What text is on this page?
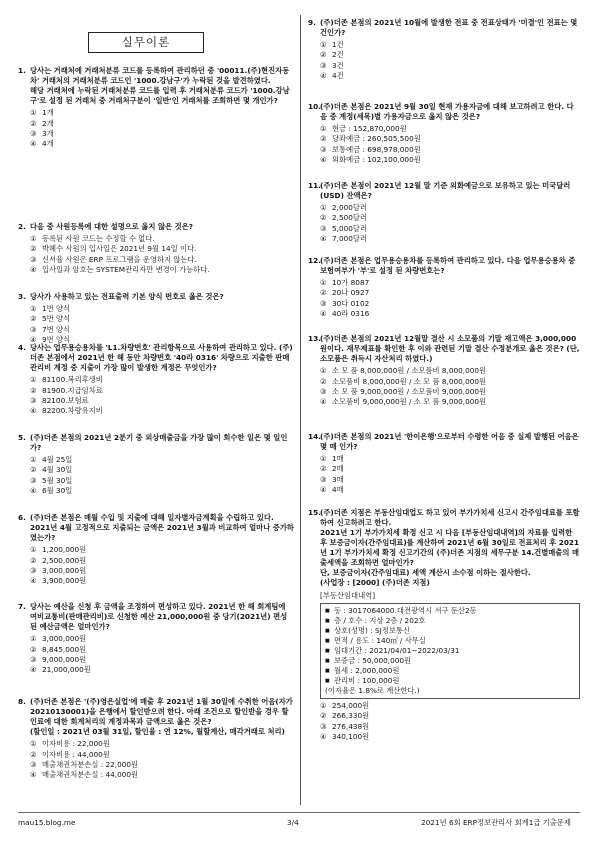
실무이론
1. 당사는 거래처에 거래처분류 코드를 등록하여 관리하던 중 '00011.(주)현진자동차' 거래처의 거래처분류 코드인 '1000.강남구'가 누락된 것을 발견하였다.

해당 거래처에 누락된 거래처분류 코드를 입력 후 거래처분류 코드가 '1000.강남구'로 설정 된 거래처 중 거래처구분이 '일반'인 거래처를 조회하면 몇 개인가?

① 1개
② 2개
③ 3개
④ 4개
2. 다음 중 사원등록에 대한 설명으로 옳지 않은 것은?

① 등록된 사원 코드는 수정할 수 없다.
② 박혜수 사원의 입사일은 2021년 9월 14일 이다.
③ 신서율 사원은 ERP 프로그램을 운영하지 않는다.
④ 입사일과 암호는 SYSTEM관리자만 변경이 가능하다.
3. 당사가 사용하고 있는 전표출력 기본 양식 번호로 옳은 것은?

① 1번 양식
② 5번 양식
③ 7번 양식
④ 9번 양식
4. 당사는 업무용승용차를 'L1.차량번호' 관리항목으로 사용하여 관리하고 있다. (주)더존 본점에서 2021년 한 해 동안 차량번호 '40라 0316' 차량으로 지출한 판매관리비 계정 중 지출이 가장 많이 발생한 계정은 무엇인가?

① 81100.복리후생비
② 81900.지급임차료
③ 82100.보험료
④ 82200.차량유지비
5. (주)더존 본점의 2021년 2분기 중 외상매출금을 가장 많이 회수한 일은 몇 일인가?

① 4월 25일
② 4월 30일
③ 5월 30일
④ 6월 30일
6. (주)더존 본점은 매월 수입 및 지출에 대해 일자별자금계획을 수립하고 있다. 2021년 4월 고정적으로 지출되는 금액은 2021년 3월과 비교하여 얼마나 증가하였는가?

① 1,200,000원
② 2,500,000원
③ 3,000,000원
④ 3,900,000원
7. 당사는 예산을 신청 후 금액을 조정하여 편성하고 있다. 2021년 한 해 회계팀에 여비교통비(판매관리비)로 신청한 예산 21,000,000원 중 당기(2021년) 편성된 예산금액은 얼마인가?

① 3,000,000원
② 8,845,000원
③ 9,000,000원
④ 21,000,000원
8. (주)더존 본점은 '(주)영은실업'에 매출 후 2021년 1월 30일에 수취한 어음(자가20210130001)을 은행에서 할인받으려 한다. 아래 조건으로 할인받을 경우 할인료에 대한 회계처리의 계정과목과 금액으로 옳은 것은?

(할인일 : 2021년 03월 31일, 할인율 : 연 12%, 월할계산, 매각거래로 처리)

① 이자비용 : 22,000원
② 이자비용 : 44,000원
③ 매출채권처분손실 : 22,000원
④ 매출채권처분손실 : 44,000원
9. (주)더존 본점의 2021년 10월에 발생한 전표 중 전표상태가 '미결'인 전표는 몇 건인가?

① 1건
② 2건
③ 3건
④ 4건
10. (주)더존 본점은 2021년 9월 30일 현재 가용자금에 대해 보고하려고 한다. 다음 중 계정(세목)별 가용자금으로 옳지 않은 것은?

① 현금 : 152,870,000원
② 당좌예금 : 260,505,500원
③ 보통예금 : 698,978,000원
④ 외화예금 : 102,100,000원
11. (주)더존 본점이 2021년 12월 말 기준 외화예금으로 보유하고 있는 미국달러(USD) 잔액은?

① 2,000달러
② 2,500달러
③ 5,000달러
④ 7,000달러
12. (주)더존 본점은 업무용승용차를 등록하여 관리하고 있다. 다음 업무용승용차 중 보험여부가 '부'로 설정 된 차량번호는?

① 10가 8087
② 20나 0927
③ 30다 0102
④ 40라 0316
13. (주)더존 본점의 2021년 12월말 결산 시 소모품의 기말 재고액은 3,000,000원이다. 재무제표를 확인한 후 이와 관련된 기말 결산 수정분개로 옳은 것은? (단, 소모품은 취득시 자산처리 하였다.)

① 소 모 품 8,000,000원 / 소모품비 8,000,000원
② 소모품비 8,000,000원 / 소 모 품 8,000,000원
③ 소 모 품 9,000,000원 / 소모품비 9,000,000원
④ 소모품비 9,000,000원 / 소 모 품 9,000,000원
14. (주)더존 본점의 2021년 '한이은행'으로부터 수령한 어음 중 실제 발행된 어음은 몇 매 인가?

① 1매
② 2매
③ 3매
④ 4매
15. (주)더존 지점은 부동산임대업도 하고 있어 부가가치세 신고시 간주임대료를 포함하여 신고하려고 한다.

2021년 1기 부가가치세 확정 신고 시 다음 [부동산임대내역]의 자료를 입력한 후 보증금이자(간주임대료)를 계산하여 2021년 6월 30일로 전표처리 후 2021년 1기 부가가치세 확정 신고기간의 (주)더존 지점의 세무구분 14.건별매출의 매출세액을 조회하면 얼마인가?

단, 보증금이자(간주임대료) 세액 계산시 소수점 이하는 절사한다.

(사업장 : [2000] (주)더존 지점)

[부동산임대내역]
■ 동 : 3017064000.대전광역시 서구 둔산2동
■ 층 / 호수 : 지상 2층 / 202호
■ 상호(성명) : SJ정보통신
■ 면적 / 용도 : 140㎡ / 사무실
■ 임대기간 : 2021/04/01~2022/03/31
■ 보증금 : 50,000,000원
■ 월세 : 2,000,000원
■ 관리비 : 100,000원
(이자율은 1.8%로 계산한다.)
① 254,000원
② 266,330원
③ 276,438원
④ 340,100원
mau15.blog.me	3/4	2021년 6회 ERP정보관리사 회계1급 기출문제
